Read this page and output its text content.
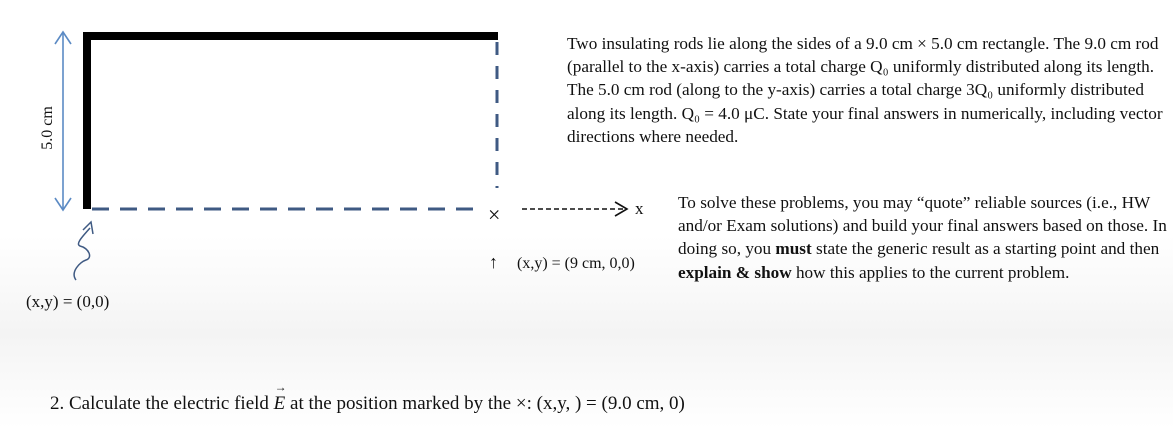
5.0 cm
(x,y) = (0,0)
×	x
↑ (x,y) = (9 cm, 0,0)

Two insulating rods lie along the sides of a 9.0 cm × 5.0 cm rectangle. The 9.0 cm rod (parallel to the x-axis) carries a total charge Q₀ uniformly distributed along its length. The 5.0 cm rod (along to the y-axis) carries a total charge 3Q₀ uniformly distributed along its length. Q₀ = 4.0 μC. State your final answers in numerically, including vector directions where needed.

To solve these problems, you may “quote” reliable sources (i.e., HW and/or Exam solutions) and build your final answers based on those. In doing so, you must state the generic result as a starting point and then explain & show how this applies to the current problem.

2. Calculate the electric field → E at the position marked by the ×: (x,y, ) = (9.0 cm, 0)
